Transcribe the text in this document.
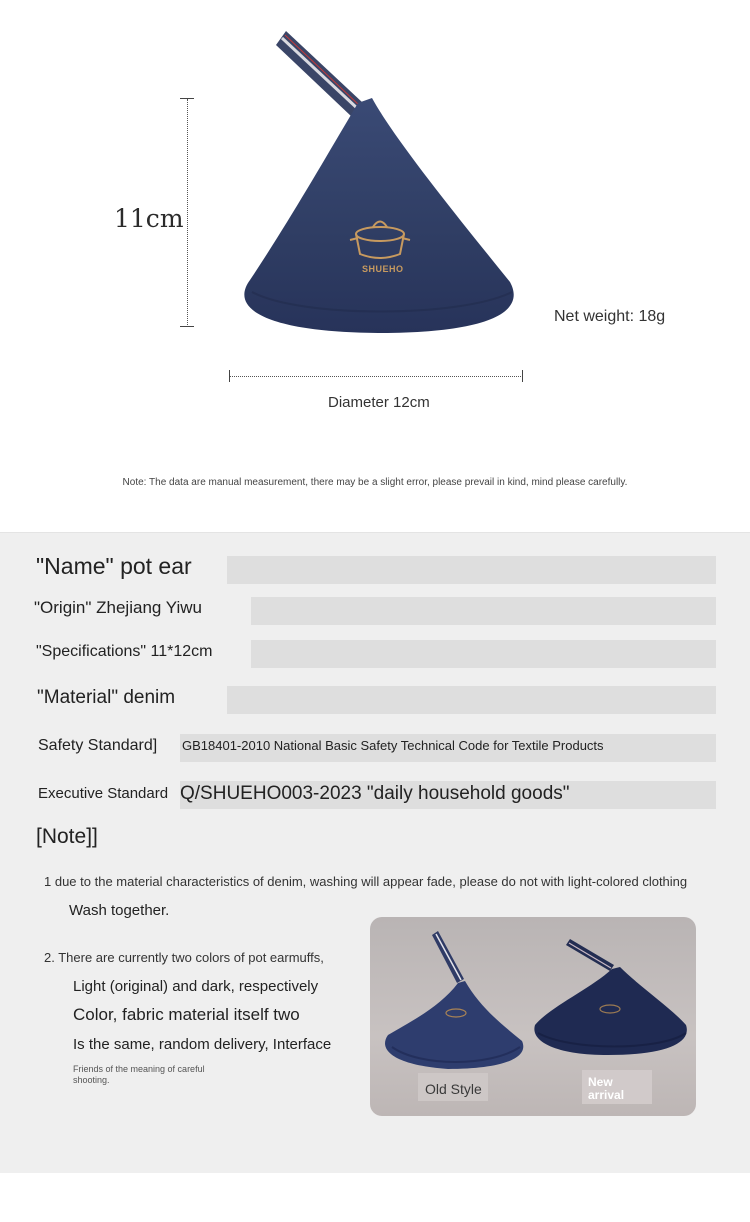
SHUEHO
11cm
Net weight: 18g
Diameter 12cm
Note: The data are manual measurement, there may be a slight error, please prevail in kind, mind please carefully.
"Name" pot ear
"Origin" Zhejiang Yiwu
"Specifications" 11*12cm
"Material" denim
Safety Standard] GB18401-2010 National Basic Safety Technical Code for Textile Products
Executive Standard Q/SHUEHO003-2023 "daily household goods"
[Note]]
1 due to the material characteristics of denim, washing will appear fade, please do not with light-colored clothing
Wash together.
2. There are currently two colors of pot earmuffs,
Light (original) and dark, respectively
Color, fabric material itself two
Is the same, random delivery, Interface
Friends of the meaning of careful
shooting.
Old Style	New
arrival
